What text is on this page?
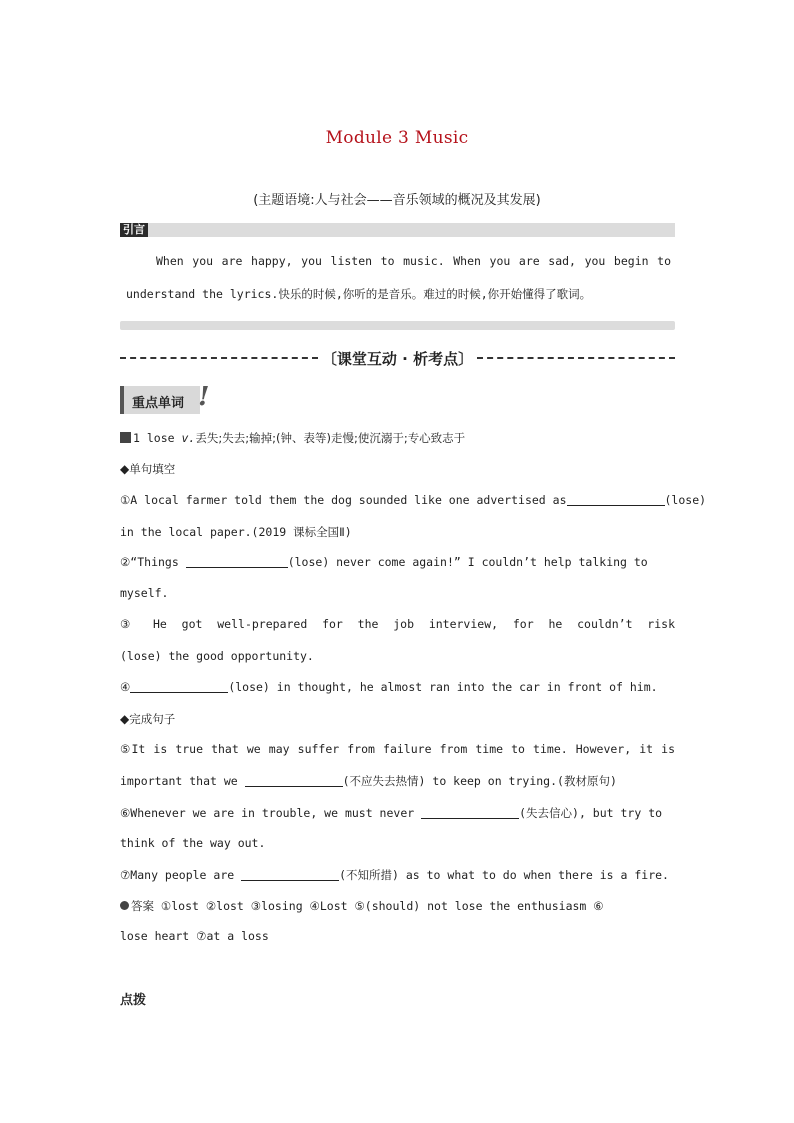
Module 3 Music
(主题语境:人与社会——音乐领域的概况及其发展)
引言
When you are happy, you listen to music. When you are sad, you begin to
understand the lyrics.快乐的时候,你听的是音乐。难过的时候,你开始懂得了歌词。
〔课堂互动 · 析考点〕
重点单词 !
1 lose v.丢失;失去;输掉;(钟、表等)走慢;使沉溺于;专心致志于
◆单句填空
①A local farmer told them the dog sounded like one advertised as	(lose)
in the local paper.(2019 课标全国Ⅱ)
②“Things	(lose) never come again!” I couldn’t help talking to
myself.
③ He got well-prepared for the job interview, for he couldn’t risk
(lose) the good opportunity.
④	(lose) in thought, he almost ran into the car in front of him.
◆完成句子
⑤It is true that we may suffer from failure from time to time. However, it is
important that we	(不应失去热情) to keep on trying.(教材原句)
⑥Whenever we are in trouble, we must never	(失去信心), but try to
think of the way out.
⑦Many people are	(不知所措) as to what to do when there is a fire.
答案 ①lost ②lost ③losing ④Lost ⑤(should) not lose the enthusiasm ⑥
lose heart ⑦at a loss
点拨
